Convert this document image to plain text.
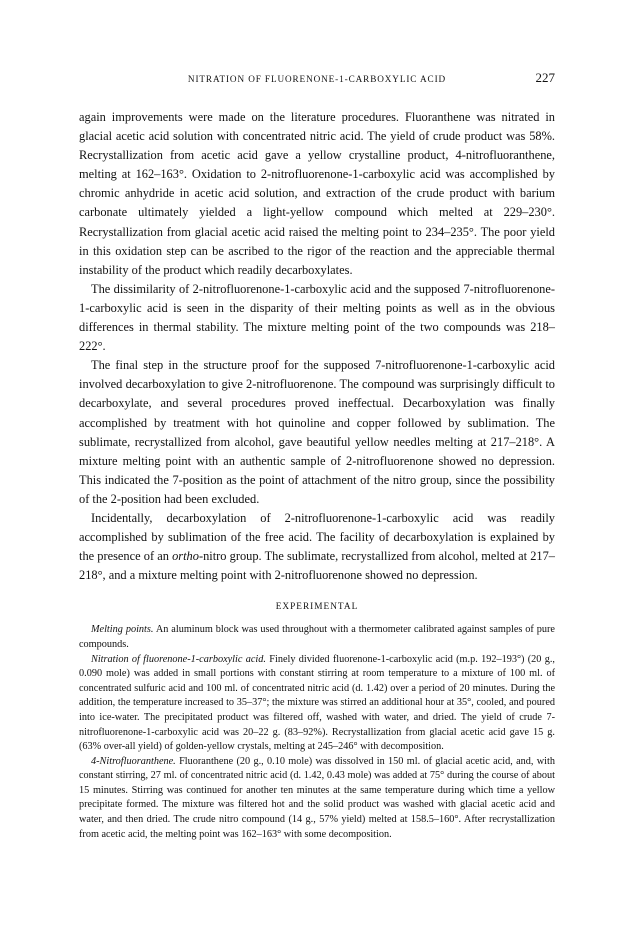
NITRATION OF FLUORENONE-1-CARBOXYLIC ACID	227

again improvements were made on the literature procedures. Fluoranthene was nitrated in glacial acetic acid solution with concentrated nitric acid. The yield of crude product was 58%. Recrystallization from acetic acid gave a yellow crystalline product, 4-nitrofluoranthene, melting at 162–163°. Oxidation to 2-nitrofluorenone-1-carboxylic acid was accomplished by chromic anhydride in acetic acid solution, and extraction of the crude product with barium carbonate ultimately yielded a light-yellow compound which melted at 229–230°. Recrystallization from glacial acetic acid raised the melting point to 234–235°. The poor yield in this oxidation step can be ascribed to the rigor of the reaction and the appreciable thermal instability of the product which readily decarboxylates.

The dissimilarity of 2-nitrofluorenone-1-carboxylic acid and the supposed 7-nitrofluorenone-1-carboxylic acid is seen in the disparity of their melting points as well as in the obvious differences in thermal stability. The mixture melting point of the two compounds was 218–222°.

The final step in the structure proof for the supposed 7-nitrofluorenone-1-carboxylic acid involved decarboxylation to give 2-nitrofluorenone. The compound was surprisingly difficult to decarboxylate, and several procedures proved ineffectual. Decarboxylation was finally accomplished by treatment with hot quinoline and copper followed by sublimation. The sublimate, recrystallized from alcohol, gave beautiful yellow needles melting at 217–218°. A mixture melting point with an authentic sample of 2-nitrofluorenone showed no depression. This indicated the 7-position as the point of attachment of the nitro group, since the possibility of the 2-position had been excluded.

Incidentally, decarboxylation of 2-nitrofluorenone-1-carboxylic acid was readily accomplished by sublimation of the free acid. The facility of decarboxylation is explained by the presence of an ortho-nitro group. The sublimate, recrystallized from alcohol, melted at 217–218°, and a mixture melting point with 2-nitrofluorenone showed no depression.

EXPERIMENTAL

Melting points. An aluminum block was used throughout with a thermometer calibrated against samples of pure compounds.

Nitration of fluorenone-1-carboxylic acid. Finely divided fluorenone-1-carboxylic acid (m.p. 192–193°) (20 g., 0.090 mole) was added in small portions with constant stirring at room temperature to a mixture of 100 ml. of concentrated sulfuric acid and 100 ml. of concentrated nitric acid (d. 1.42) over a period of 20 minutes. During the addition, the temperature increased to 35–37°; the mixture was stirred an additional hour at 35°, cooled, and poured into ice-water. The precipitated product was filtered off, washed with water, and dried. The yield of crude 7-nitrofluorenone-1-carboxylic acid was 20–22 g. (83–92%). Recrystallization from glacial acetic acid gave 15 g. (63% over-all yield) of golden-yellow crystals, melting at 245–246° with decomposition.

4-Nitrofluoranthene. Fluoranthene (20 g., 0.10 mole) was dissolved in 150 ml. of glacial acetic acid, and, with constant stirring, 27 ml. of concentrated nitric acid (d. 1.42, 0.43 mole) was added at 75° during the course of about 15 minutes. Stirring was continued for another ten minutes at the same temperature during which time a yellow precipitate formed. The mixture was filtered hot and the solid product was washed with glacial acetic acid and water, and then dried. The crude nitro compound (14 g., 57% yield) melted at 158.5–160°. After recrystallization from acetic acid, the melting point was 162–163° with some decomposition.
